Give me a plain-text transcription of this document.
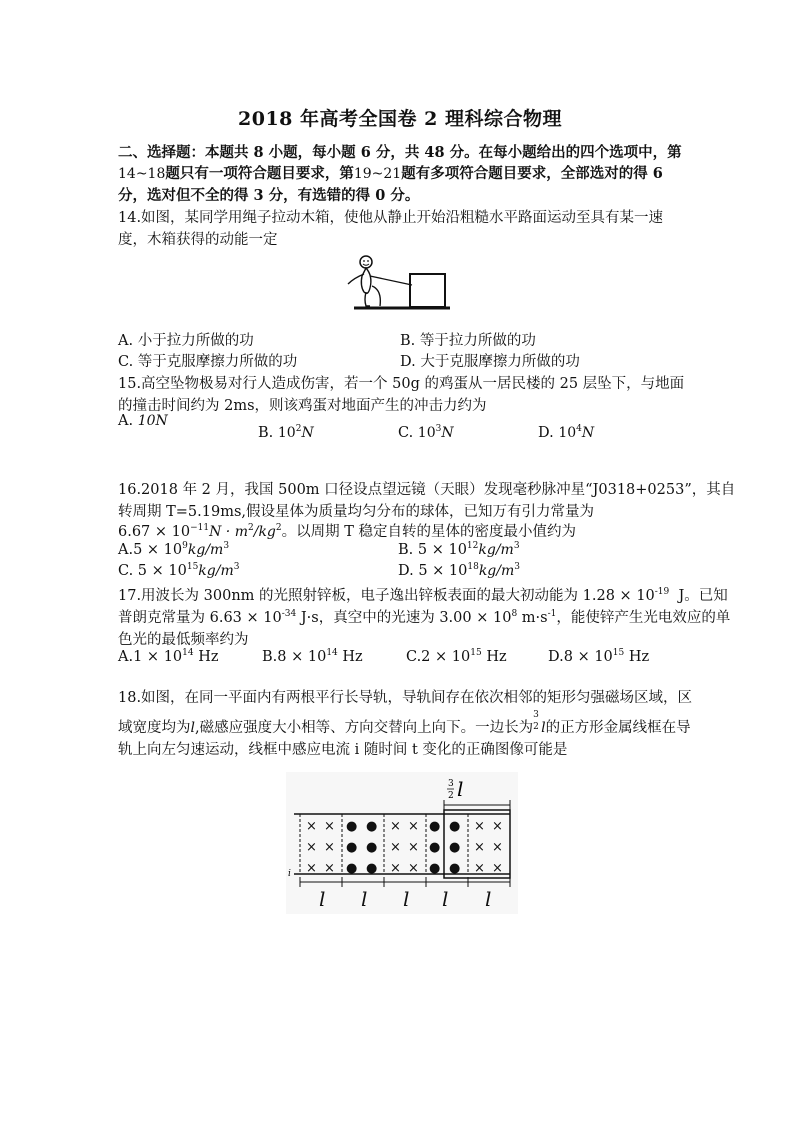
2018 年高考全国卷 2 理科综合物理
二、选择题：本题共 8 小题，每小题 6 分，共 48 分。在每小题给出的四个选项中，第
14~18题只有一项符合题目要求，第19~21题有多项符合题目要求，全部选对的得 6
分，选对但不全的得 3 分，有选错的得 0 分。
14.如图，某同学用绳子拉动木箱，使他从静止开始沿粗糙水平路面运动至具有某一速
度，木箱获得的动能一定
A. 小于拉力所做的功	B. 等于拉力所做的功
C. 等于克服摩擦力所做的功	D. 大于克服摩擦力所做的功
15.高空坠物极易对行人造成伤害，若一个 50g 的鸡蛋从一居民楼的 25 层坠下，与地面
的撞击时间约为 2ms，则该鸡蛋对地面产生的冲击力约为
A. 10N
B. $10^2N$	C. $10^3N$	D. $10^4N$
16.2018 年 2 月，我国 500m 口径设点望远镜（天眼）发现毫秒脉冲星“J0318+0253”，其自
转周期 T=5.19ms,假设星体为质量均匀分布的球体，已知万有引力常量为
$6.67 \times 10^{-11}N \cdot m^2/kg^2$。以周期 T 稳定自转的星体的密度最小值约为
$A.5 \times 10^9kg/m^3$	B. $5 \times 10^{12}kg/m^3$
C. $5 \times 10^{15}kg/m^3$	D. $5 \times 10^{18}kg/m^3$
17.用波长为 300nm 的光照射锌板，电子逸出锌板表面的最大初动能为 $1.28 \times 10^{-19}$ J。已知
普朗克常量为 $6.63 \times 10^{-34}$ J·s，真空中的光速为 $3.00 \times 10^8$ $m\cdot s^{-1}$，能使锌产生光电效应的单
色光的最低频率约为
$A.1 \times 10^{14}$ Hz	$B.8 \times 10^{14}$ Hz	$C.2 \times 10^{15}$ Hz	$D.8 \times 10^{15}$ Hz
18.如图，在同一平面内有两根平行长导轨，导轨间存在依次相邻的矩形匀强磁场区域，区
域宽度均为l,磁感应强度大小相等、方向交替向上向下。一边长为
3
2 l的正方形金属线框在导
轨上向左匀速运动，线框中感应电流 i 随时间 t 变化的正确图像可能是
3
2 l
× ×
× ×
× ×
● ●
● ●
● ●
× ×
× ×
× ×
● ●
● ●
● ●
× ×
× ×
× ×
i
l l l l l
